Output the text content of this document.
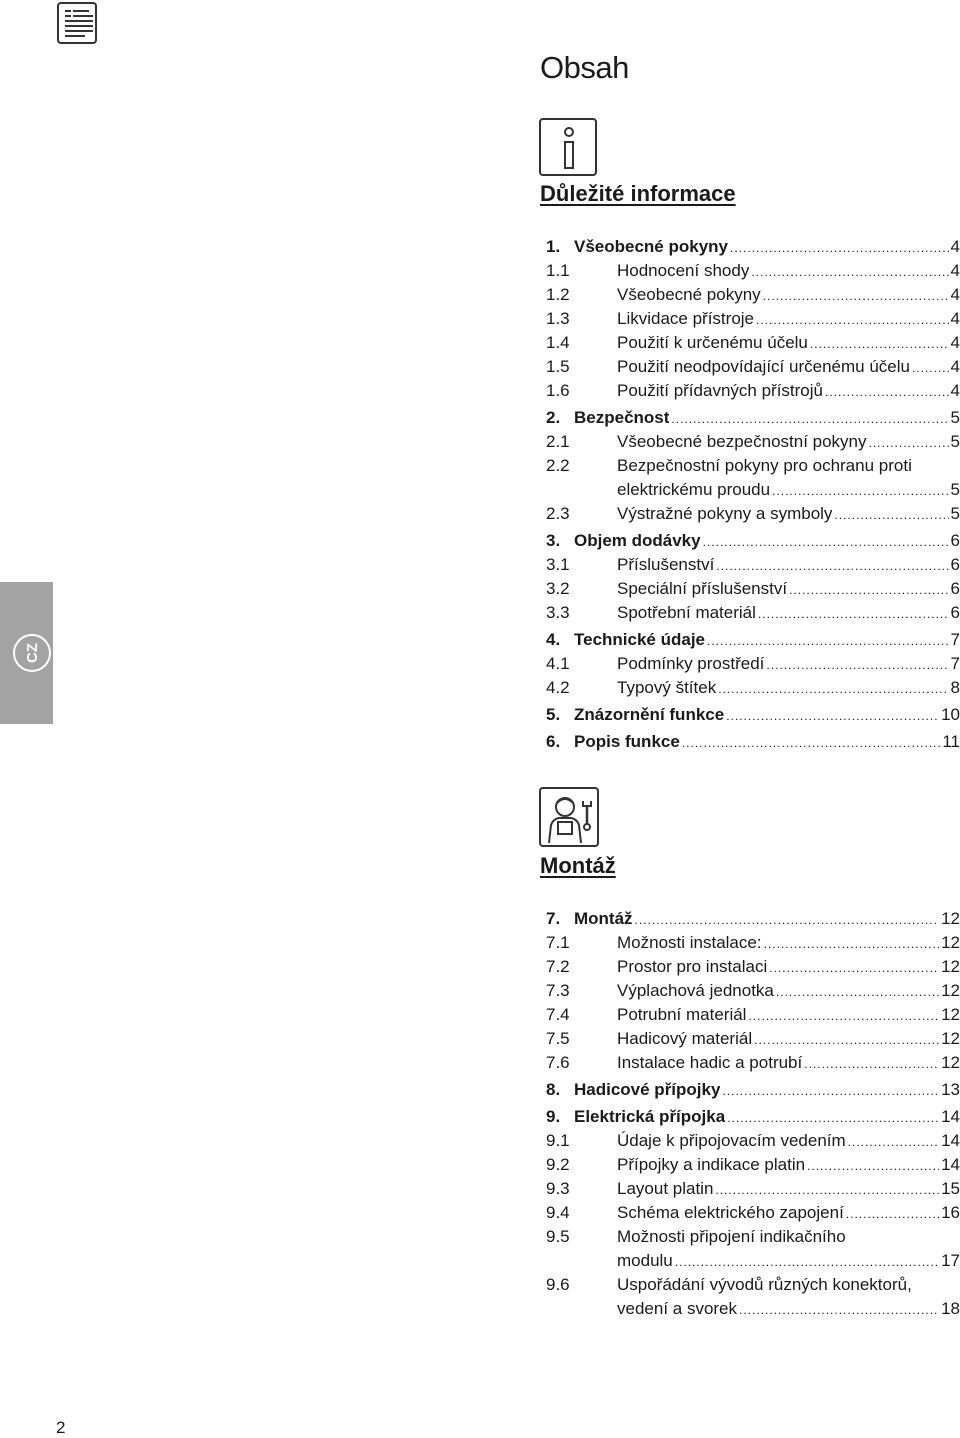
Obsah
CZ
Důležité informace
1. Všeobecné pokyny .....	4
1.1	Hodnocení shody .....	4
1.2	Všeobecné pokyny .....	4
1.3	Likvidace přístroje .....	4
1.4	Použití k určenému účelu .....	4
1.5	Použití neodpovídající určenému účelu ..... 4
1.6	Použití přídavných přístrojů .....	4
2. Bezpečnost .....	5
2.1	Všeobecné bezpečnostní pokyny .....	5
2.2	Bezpečnostní pokyny pro ochranu proti
elektrickému proudu .....	5
2.3	Výstražné pokyny a symboly .....	5
3. Objem dodávky .....	6
3.1	Příslušenství .....	6
3.2	Speciální příslušenství .....	6
3.3	Spotřební materiál .....	6
4. Technické údaje .....	7
4.1	Podmínky prostředí .....	7
4.2	Typový štítek .....	8
5. Znázornění funkce .....	10
6. Popis funkce .....	11
Montáž
7. Montáž .....	12
7.1	Možnosti instalace: .....	12
7.2	Prostor pro instalaci .....	12
7.3	Výplachová jednotka .....	12
7.4	Potrubní materiál .....	12
7.5	Hadicový materiál .....	12
7.6	Instalace hadic a potrubí .....	12
8. Hadicové přípojky .....	13
9. Elektrická přípojka .....	14
9.1	Údaje k připojovacím vedením .....	14
9.2	Přípojky a indikace platin .....	14
9.3	Layout platin .....	15
9.4	Schéma elektrického zapojení .....	16
9.5	Možnosti připojení indikačního
modulu .....	17
9.6	Uspořádání vývodů různých konektorů,
vedení a svorek .....	18
2
